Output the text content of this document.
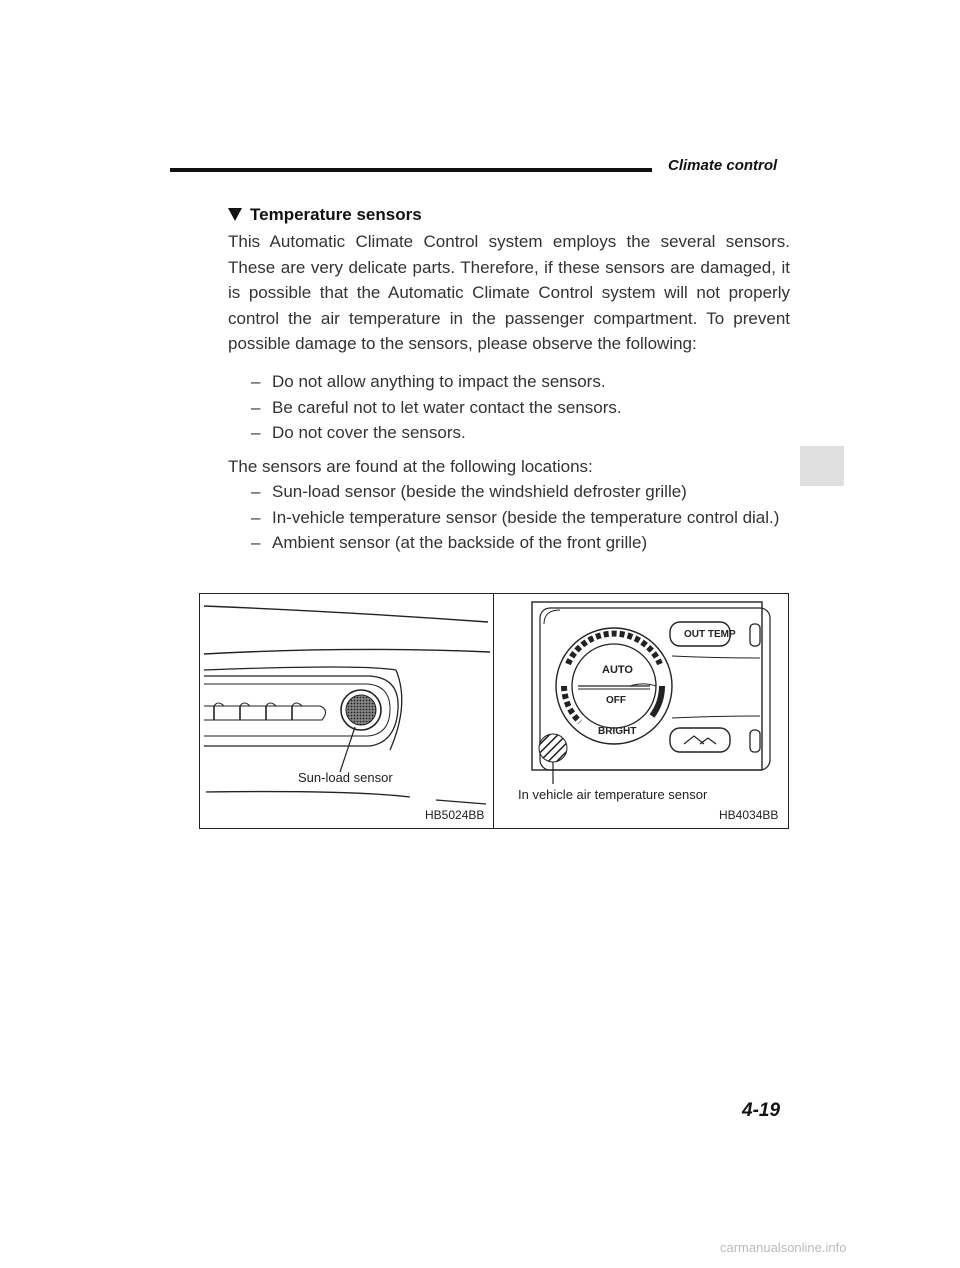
Climate control
Temperature sensors
This Automatic Climate Control system employs the several sensors. These are very delicate parts. Therefore, if these sensors are damaged, it is possible that the Automatic Climate Control system will not properly control the air temperature in the passenger compartment. To prevent possible damage to the sensors, please observe the following:
– Do not allow anything to impact the sensors.
– Be careful not to let water contact the sensors.
– Do not cover the sensors.
The sensors are found at the following locations:
– Sun-load sensor (beside the windshield defroster grille)
– In-vehicle temperature sensor (beside the temperature control dial.)
– Ambient sensor (at the backside of the front grille)
Sun-load sensor
HB5024BB
OUT TEMP
AUTO
OFF
BRIGHT
In vehicle air temperature sensor
HB4034BB
4-19
carmanualsonline.info
